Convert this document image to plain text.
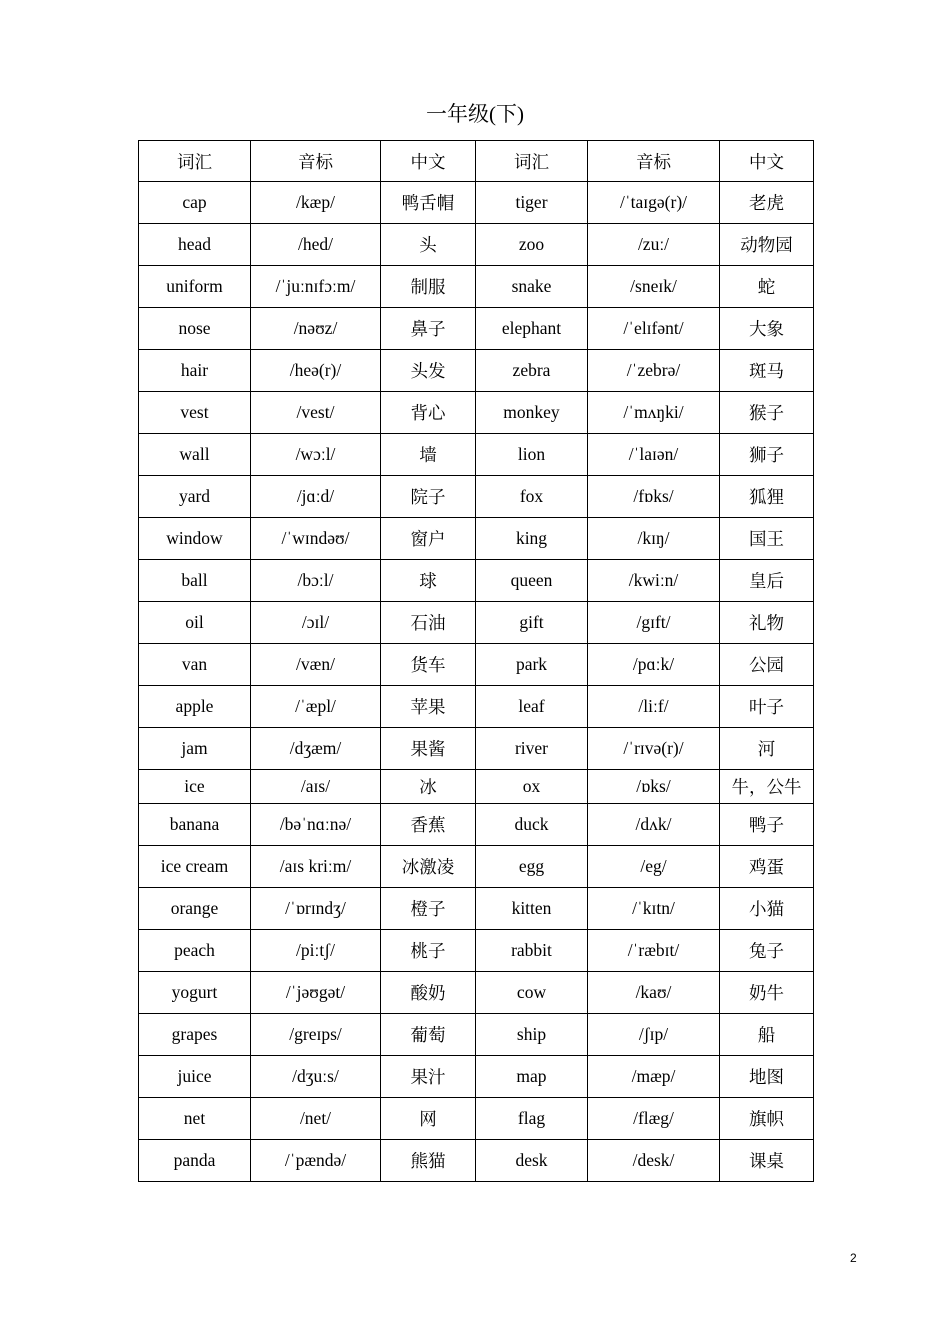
一年级(下)
词汇	音标	中文	词汇	音标	中文
cap	/kæp/	鸭舌帽	tiger	/ˈtaɪgə(r)/	老虎
head	/hed/	头	zoo	/zuː/	动物园
uniform	/ˈjuːnɪfɔːm/	制服	snake	/sneɪk/	蛇
nose	/nəʊz/	鼻子	elephant	/ˈelɪfənt/	大象
hair	/heə(r)/	头发	zebra	/ˈzebrə/	斑马
vest	/vest/	背心	monkey	/ˈmʌŋki/	猴子
wall	/wɔːl/	墙	lion	/ˈlaɪən/	狮子
yard	/jɑːd/	院子	fox	/fɒks/	狐狸
window	/ˈwɪndəʊ/	窗户	king	/kɪŋ/	国王
ball	/bɔːl/	球	queen	/kwiːn/	皇后
oil	/ɔɪl/	石油	gift	/gɪft/	礼物
van	/væn/	货车	park	/pɑːk/	公园
apple	/ˈæpl/	苹果	leaf	/liːf/	叶子
jam	/dʒæm/	果酱	river	/ˈrɪvə(r)/	河
ice	/aɪs/	冰	ox	/ɒks/	牛，公牛
banana	/bəˈnɑːnə/	香蕉	duck	/dʌk/	鸭子
ice cream	/aɪs kriːm/	冰激凌	egg	/eg/	鸡蛋
orange	/ˈɒrɪndʒ/	橙子	kitten	/ˈkɪtn/	小猫
peach	/piːtʃ/	桃子	rabbit	/ˈræbɪt/	兔子
yogurt	/ˈjəʊgət/	酸奶	cow	/kaʊ/	奶牛
grapes	/greɪps/	葡萄	ship	/ʃɪp/	船
juice	/dʒuːs/	果汁	map	/mæp/	地图
net	/net/	网	flag	/flæg/	旗帜
panda	/ˈpændə/	熊猫	desk	/desk/	课桌
2
